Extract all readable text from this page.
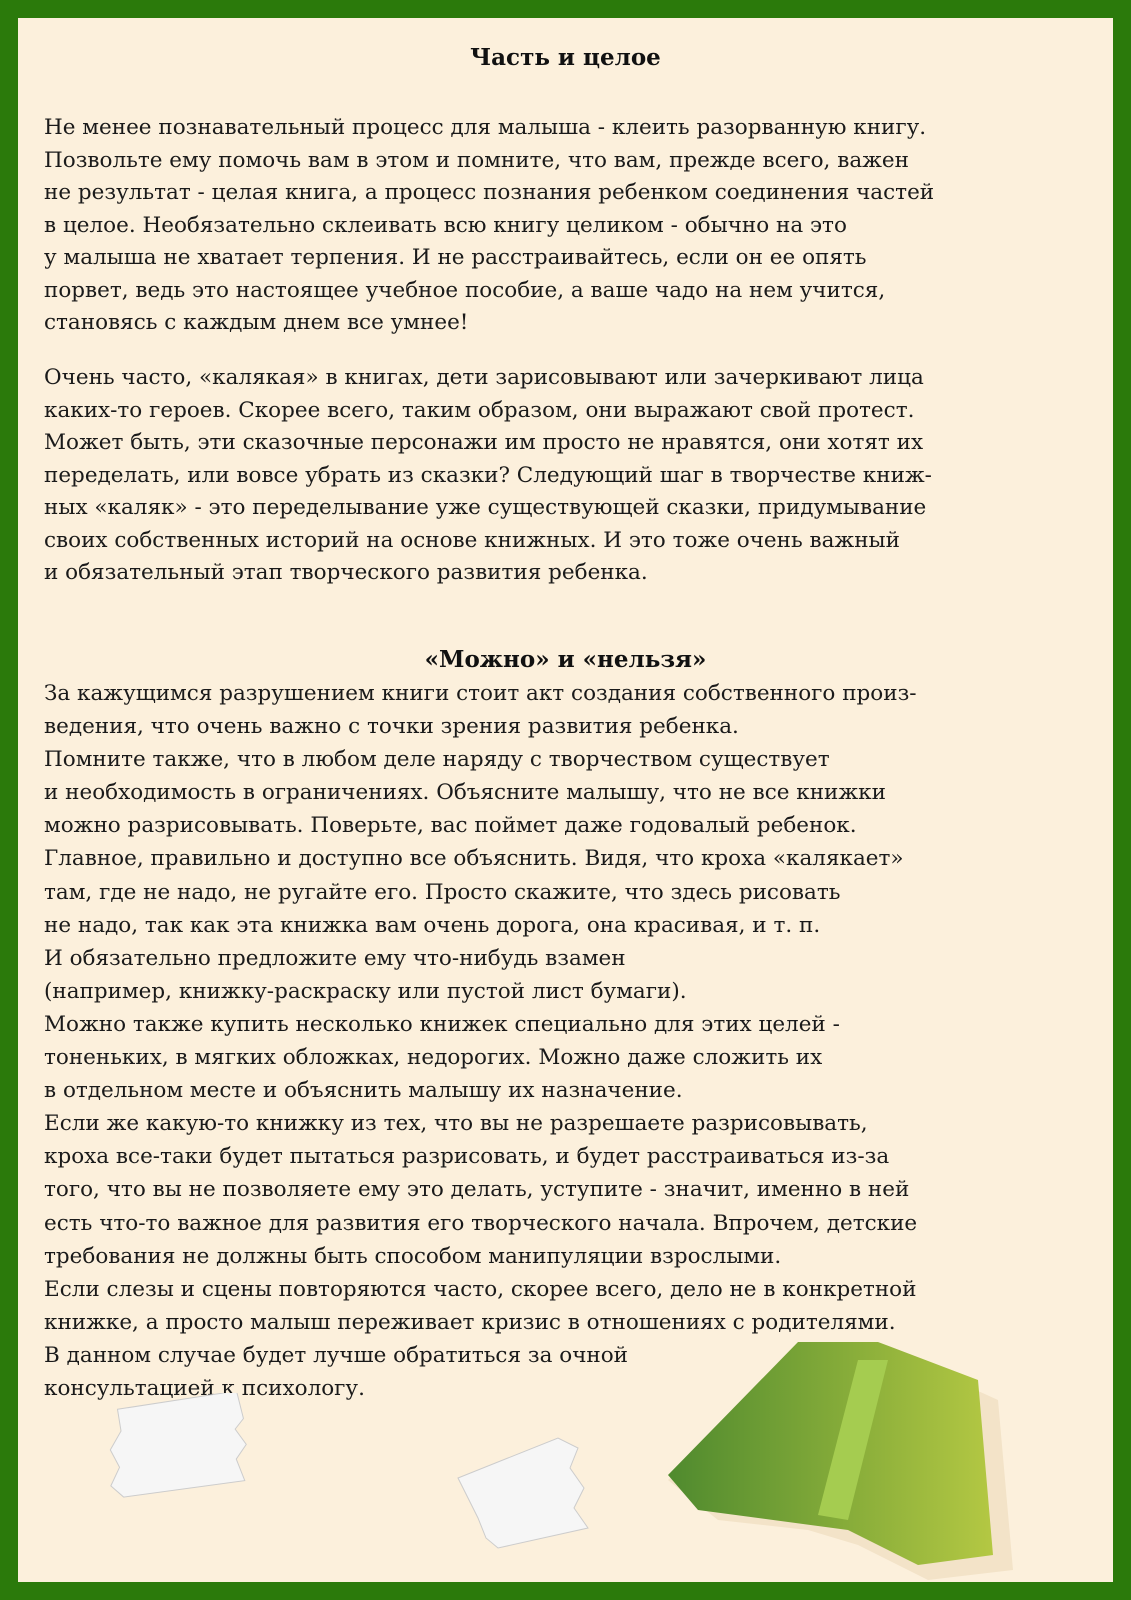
Часть и целое
Не менее познавательный процесс для малыша - клеить разорванную книгу.
Позвольте ему помочь вам в этом и помните, что вам, прежде всего, важен
не результат - целая книга, а процесс познания ребенком соединения частей
в целое. Необязательно склеивать всю книгу целиком - обычно на это
у малыша не хватает терпения. И не расстраивайтесь, если он ее опять
порвет, ведь это настоящее учебное пособие, а ваше чадо на нем учится,
становясь с каждым днем все умнее!
Очень часто, «калякая» в книгах, дети зарисовывают или зачеркивают лица
каких-то героев. Скорее всего, таким образом, они выражают свой протест.
Может быть, эти сказочные персонажи им просто не нравятся, они хотят их
переделать, или вовсе убрать из сказки? Следующий шаг в творчестве книж-
ных «каляк» - это переделывание уже существующей сказки, придумывание
своих собственных историй на основе книжных. И это тоже очень важный
и обязательный этап творческого развития ребенка.
«Можно» и «нельзя»
За кажущимся разрушением книги стоит акт создания собственного произ-
ведения, что очень важно с точки зрения развития ребенка.
Помните также, что в любом деле наряду с творчеством существует
и необходимость в ограничениях. Объясните малышу, что не все книжки
можно разрисовывать. Поверьте, вас поймет даже годовалый ребенок.
Главное, правильно и доступно все объяснить. Видя, что кроха «калякает»
там, где не надо, не ругайте его. Просто скажите, что здесь рисовать
не надо, так как эта книжка вам очень дорога, она красивая, и т. п.
И обязательно предложите ему что-нибудь взамен
(например, книжку-раскраску или пустой лист бумаги).
Можно также купить несколько книжек специально для этих целей -
тоненьких, в мягких обложках, недорогих. Можно даже сложить их
в отдельном месте и объяснить малышу их назначение.
Если же какую-то книжку из тех, что вы не разрешаете разрисовывать,
кроха все-таки будет пытаться разрисовать, и будет расстраиваться из-за
того, что вы не позволяете ему это делать, уступите - значит, именно в ней
есть что-то важное для развития его творческого начала. Впрочем, детские
требования не должны быть способом манипуляции взрослыми.
Если слезы и сцены повторяются часто, скорее всего, дело не в конкретной
книжке, а просто малыш переживает кризис в отношениях с родителями.
В данном случае будет лучше обратиться за очной
консультацией к психологу.
